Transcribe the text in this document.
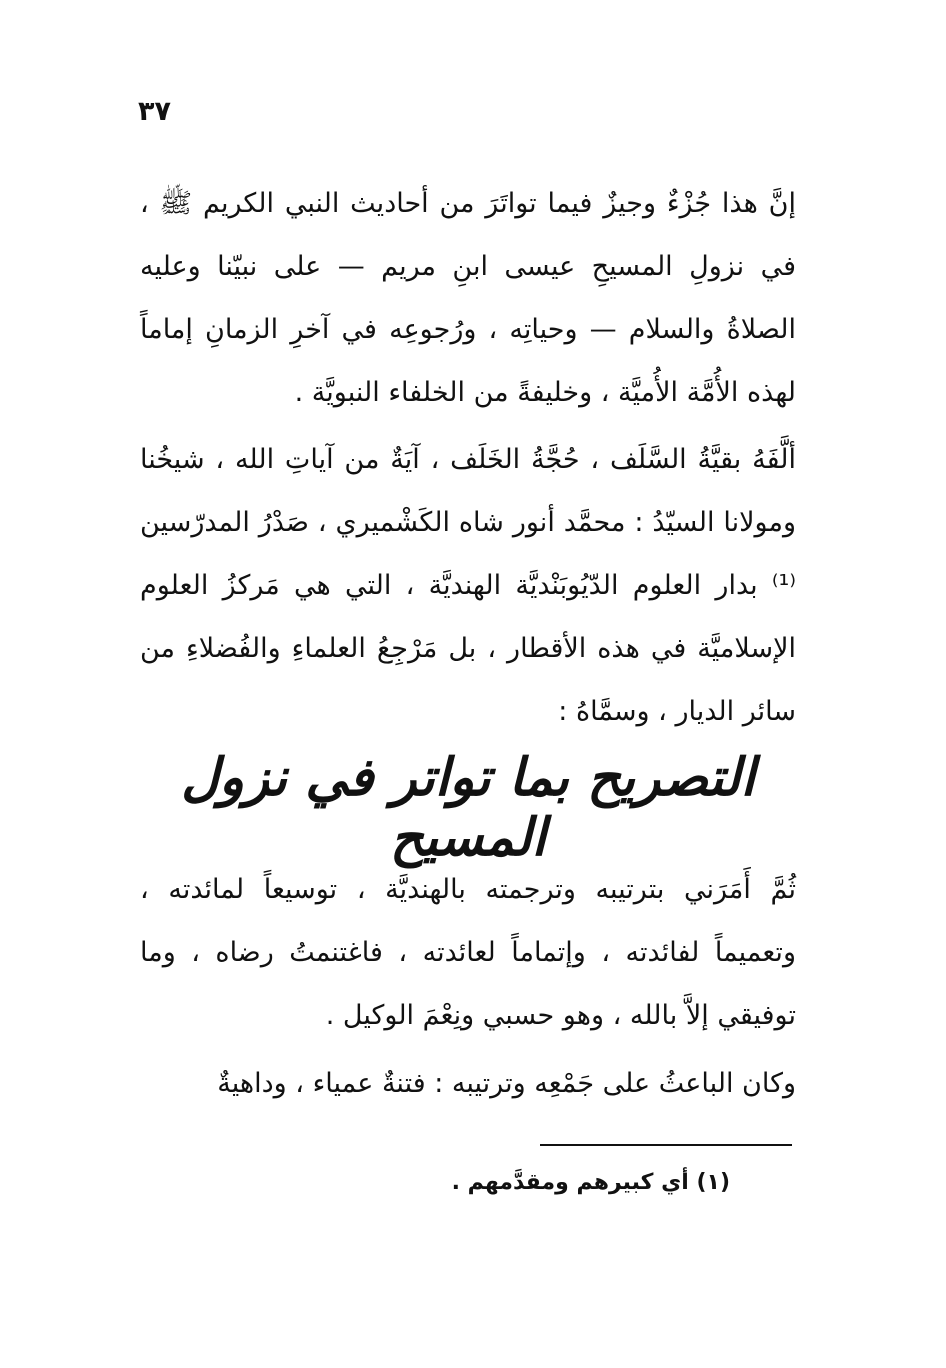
٣٧

إنَّ هذا جُزْءٌ وجيزٌ فيما تواتَرَ من أحاديث النبي الكريم ﷺ ، في نزولِ المسيحِ عيسى ابنِ مريم — على نبيّنا وعليه الصلاةُ والسلام — وحياتِه ، ورُجوعِه في آخرِ الزمانِ إماماً لهذه الأُمَّة الأُميَّة ، وخليفةً من الخلفاء النبويَّة .

ألَّفَهُ بقيَّةُ السَّلَف ، حُجَّةُ الخَلَف ، آيَةٌ من آياتِ الله ، شيخُنا ومولانا السيّدُ : محمَّد أنور شاه الكَشْميري ، صَدْرُ المدرّسين ⁽¹⁾ بدار العلوم الدّيُوبَنْديَّة الهنديَّة ، التي هي مَركزُ العلوم الإسلاميَّة في هذه الأقطار ، بل مَرْجِعُ العلماءِ والفُضلاءِ من سائر الديار ، وسمَّاهُ :

التصريح بما تواتر في نزول المسيح

ثُمَّ أَمَرَني بترتيبه وترجمته بالهنديَّة ، توسيعاً لمائدته ، وتعميماً لفائدته ، وإتماماً لعائدته ، فاغتنمتُ رضاه ، وما توفيقي إلاَّ بالله ، وهو حسبي ونِعْمَ الوكيل .

وكان الباعثُ على جَمْعِه وترتيبه : فتنةٌ عمياء ، وداهيةٌ

(١) أي كبيرهم ومقدَّمهم .
